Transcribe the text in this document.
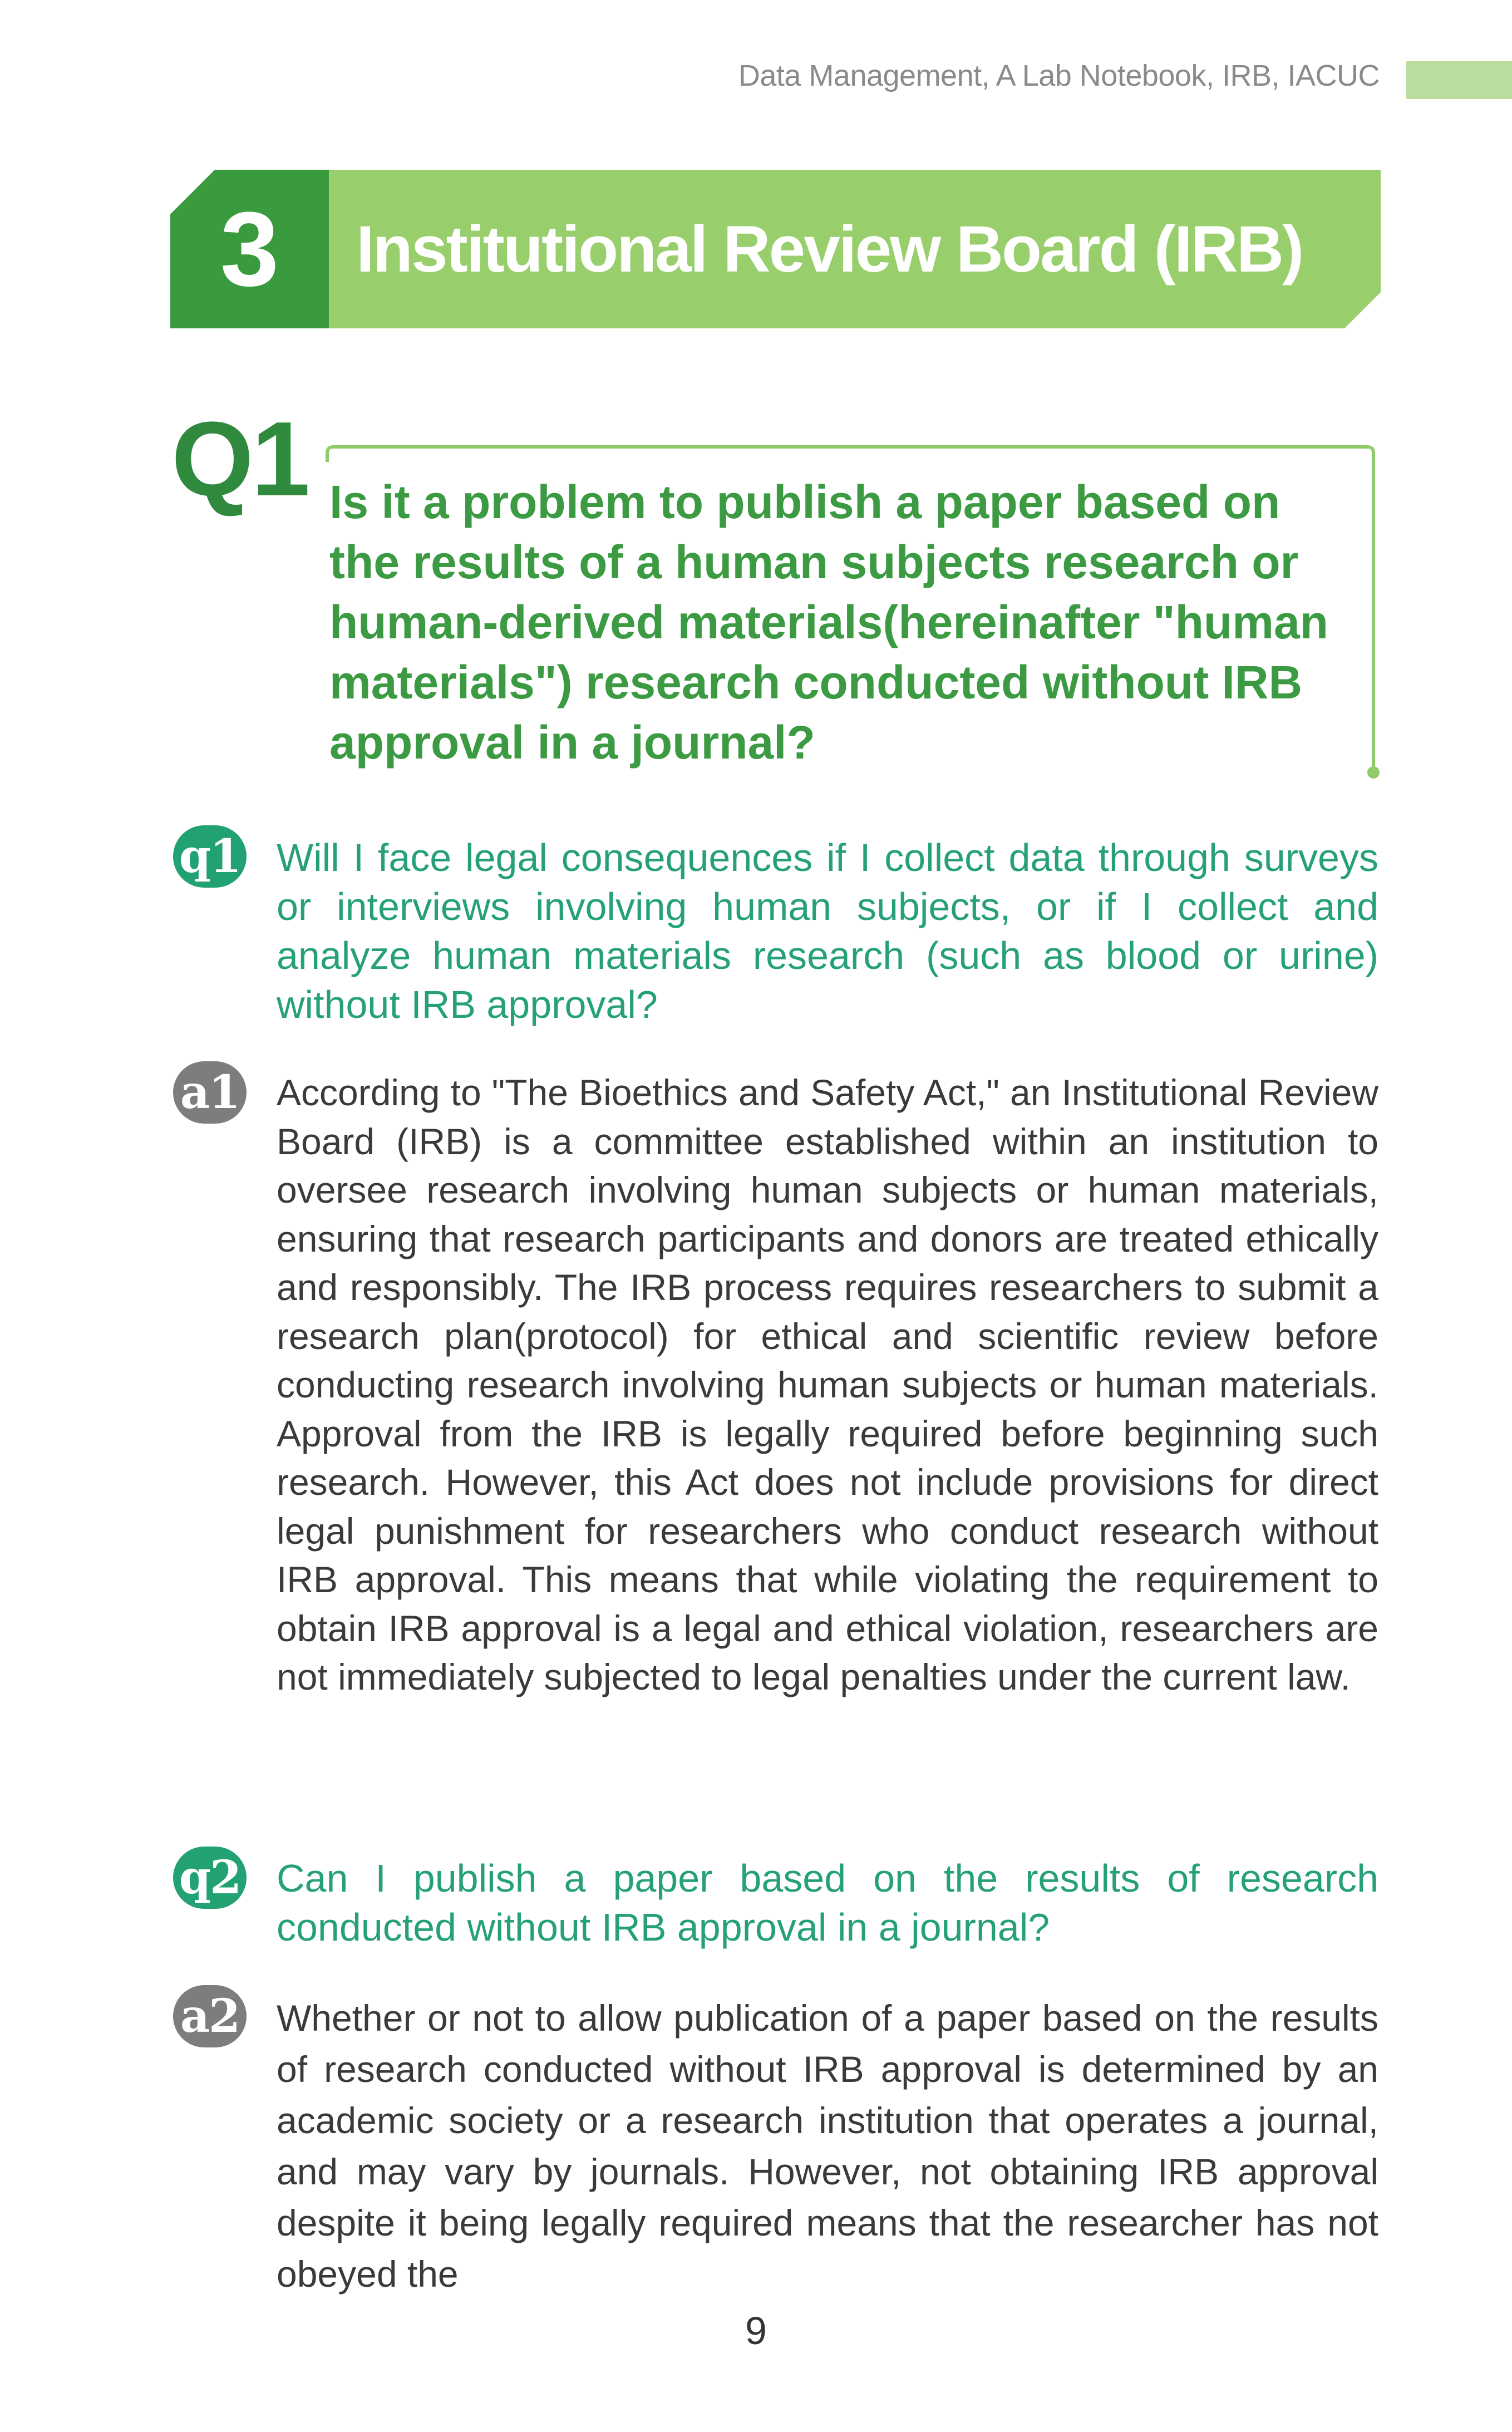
Data Management, A Lab Notebook, IRB, IACUC
3	Institutional Review Board (IRB)
Q1 Is it a problem to publish a paper based on the results of a human subjects research or human-derived materials(hereinafter "human materials") research conducted without IRB approval in a journal?
q1 Will I face legal consequences if I collect data through surveys or interviews involving human subjects, or if I collect and analyze human materials research (such as blood or urine) without IRB approval?
a1 According to "The Bioethics and Safety Act," an Institutional Review Board (IRB) is a committee established within an institution to oversee research involving human subjects or human materials, ensuring that research participants and donors are treated ethically and responsibly. The IRB process requires researchers to submit a research plan(protocol) for ethical and scientific review before conducting research involving human subjects or human materials. Approval from the IRB is legally required before beginning such research. However, this Act does not include provisions for direct legal punishment for researchers who conduct research without IRB approval. This means that while violating the requirement to obtain IRB approval is a legal and ethical violation, researchers are not immediately subjected to legal penalties under the current law.
q2 Can I publish a paper based on the results of research conducted without IRB approval in a journal?
a2 Whether or not to allow publication of a paper based on the results of research conducted without IRB approval is determined by an academic society or a research institution that operates a journal, and may vary by journals. However, not obtaining IRB approval despite it being legally required means that the researcher has not obeyed the
9
